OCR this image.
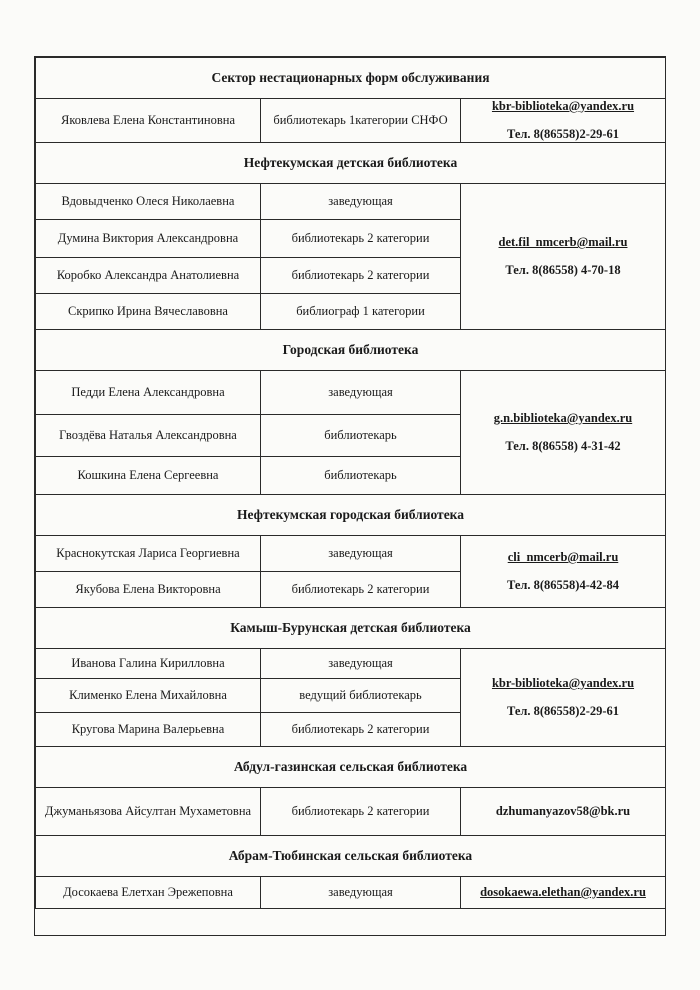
Сектор нестационарных форм обслуживания		
Яковлева Елена Константиновна	библиотекарь 1категории СНФО	kbr-biblioteka@yandex.ru
Тел. 8(86558)2-29-61

Нефтекумская детская библиотека		
Вдовыдченко Олеся Николаевна	заведующая	det.fil_nmcerb@mail.ru
Тел. 8(86558) 4-70-18

Думина Виктория Александровна	библиотекарь 2 категории	
Коробко Александра Анатолиевна	библиотекарь 2 категории	
Скрипко Ирина Вячеславовна	библиограф 1 категории	
Городская библиотека		
Педди Елена Александровна	заведующая	g.n.biblioteka@yandex.ru
Тел. 8(86558) 4-31-42

Гвоздёва Наталья Александровна	библиотекарь	
Кошкина Елена Сергеевна	библиотекарь	
Нефтекумская городская библиотека		
Краснокутская Лариса Георгиевна	заведующая	cli_nmcerb@mail.ru
Тел. 8(86558)4-42-84

Якубова Елена Викторовна	библиотекарь 2 категории	
Камыш-Бурунская детская библиотека		
Иванова Галина Кирилловна	заведующая	kbr-biblioteka@yandex.ru
Тел. 8(86558)2-29-61

Клименко Елена Михайловна	ведущий библиотекарь	
Кругова Марина Валерьевна	библиотекарь 2 категории	
Абдул-газинская сельская библиотека		
Джуманьязова Айсултан Мухаметовна	библиотекарь 2 категории	dzhumanyazov58@bk.ru

Абрам-Тюбинская сельская библиотека		
Досокаева Елетхан Эрежеповна	заведующая	dosokaewa.elethan@yandex.ru
